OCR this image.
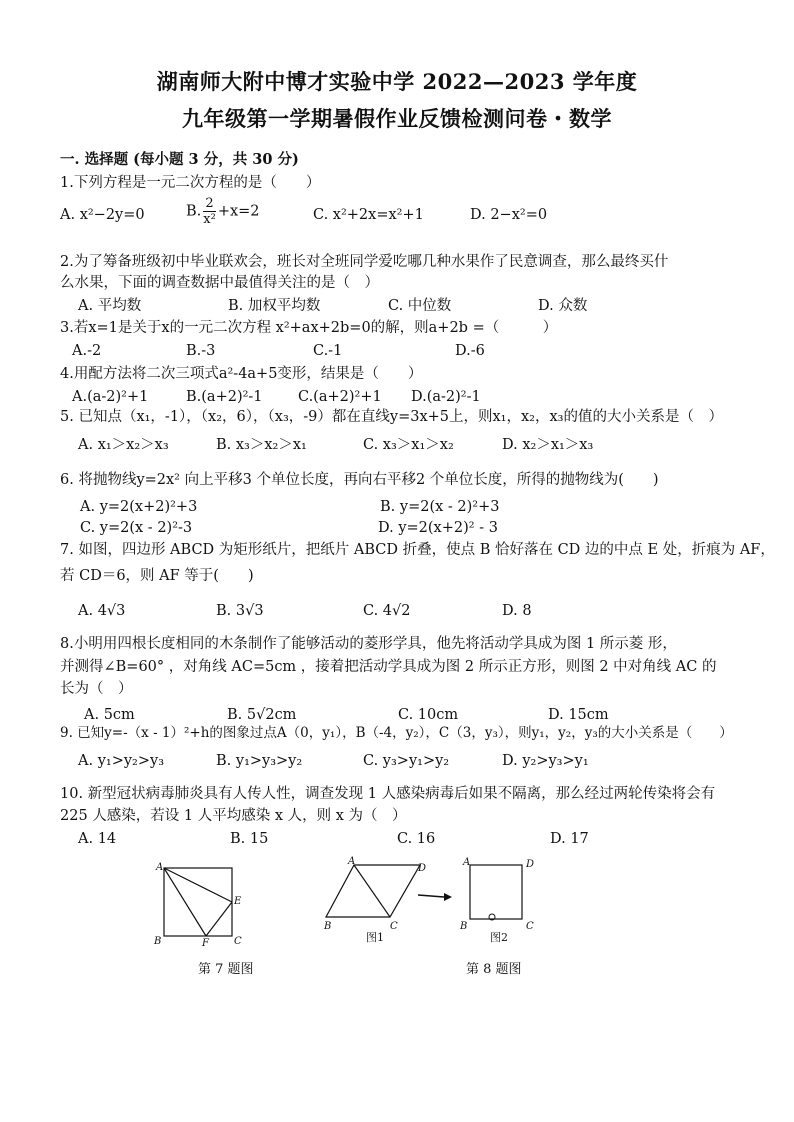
湖南师大附中博才实验中学 2022—2023 学年度
九年级第一学期暑假作业反馈检测问卷・数学
一. 选择题 (每小题 3 分，共 30 分)
1.下列方程是一元二次方程的是（　　）
A. x²−2y=0	B. $\frac{2}{\text{x²}} +x=2$	C. x²+2x=x²+1	D. 2−x²=0
2.为了筹备班级初中毕业联欢会，班长对全班同学爱吃哪几种水果作了民意调查，那么最终买什
么水果，下面的调查数据中最值得关注的是（　）
A. 平均数	B. 加权平均数	C. 中位数	D. 众数
3.若x=1是关于x的一元二次方程 x²+ax+2b=0的解，则a+2b =（　　　）
A.-2	B.-3	C.-1	D.-6
4.用配方法将二次三项式a²-4a+5变形，结果是（　　）
A.(a-2)²+1	B.(a+2)²-1 C.(a+2)²+1 D.(a-2)²-1
5. 已知点（x₁，-1），（x₂，6），（x₃，-9）都在直线y=3x+5上，则x₁，x₂，x₃的值的大小关系是（　）
A. x₁＞x₂＞x₃	B. x₃＞x₂＞x₁	C. x₃＞x₁＞x₂	D. x₂＞x₁＞x₃
6. 将抛物线y=2x² 向上平移3 个单位长度，再向右平移2 个单位长度，所得的抛物线为(　　)
A. y=2(x+2)²+3	B. y=2(x - 2)²+3
C. y=2(x - 2)²-3	D. y=2(x+2)² - 3
7. 如图，四边形 ABCD 为矩形纸片，把纸片 ABCD 折叠，使点 B 恰好落在 CD 边的中点 E 处，折痕为 AF，
若 CD＝6，则 AF 等于(　　)
A. 4√3	B. 3√3	C. 4√2	D. 8
8.小明用四根长度相同的木条制作了能够活动的菱形学具，他先将活动学具成为图 1 所示菱 形，
并测得∠B=60° ，对角线 AC=5cm ，接着把活动学具成为图 2 所示正方形，则图 2 中对角线 AC 的
长为（　）
A. 5cm	B. 5√2cm	C. 10cm	D. 15cm
9. 已知y=-（x - 1）²+h的图象过点A（0，y₁），B（-4，y₂），C（3，y₃），则y₁，y₂，y₃的大小关系是（　　）
A. y₁>y₂>y₃	B. y₁>y₃>y₂	C. y₃>y₁>y₂	D. y₂>y₃>y₁
10. 新型冠状病毒肺炎具有人传人性，调查发现 1 人感染病毒后如果不隔离，那么经过两轮传染将会有
225 人感染，若设 1 人平均感染 x 人，则 x 为（　）
A. 14	B. 15	C. 16	D. 17
A
B	C
E
F
第 7 题图
A
D
B	C
A	D
B	C
图1	图2
第 8 题图
